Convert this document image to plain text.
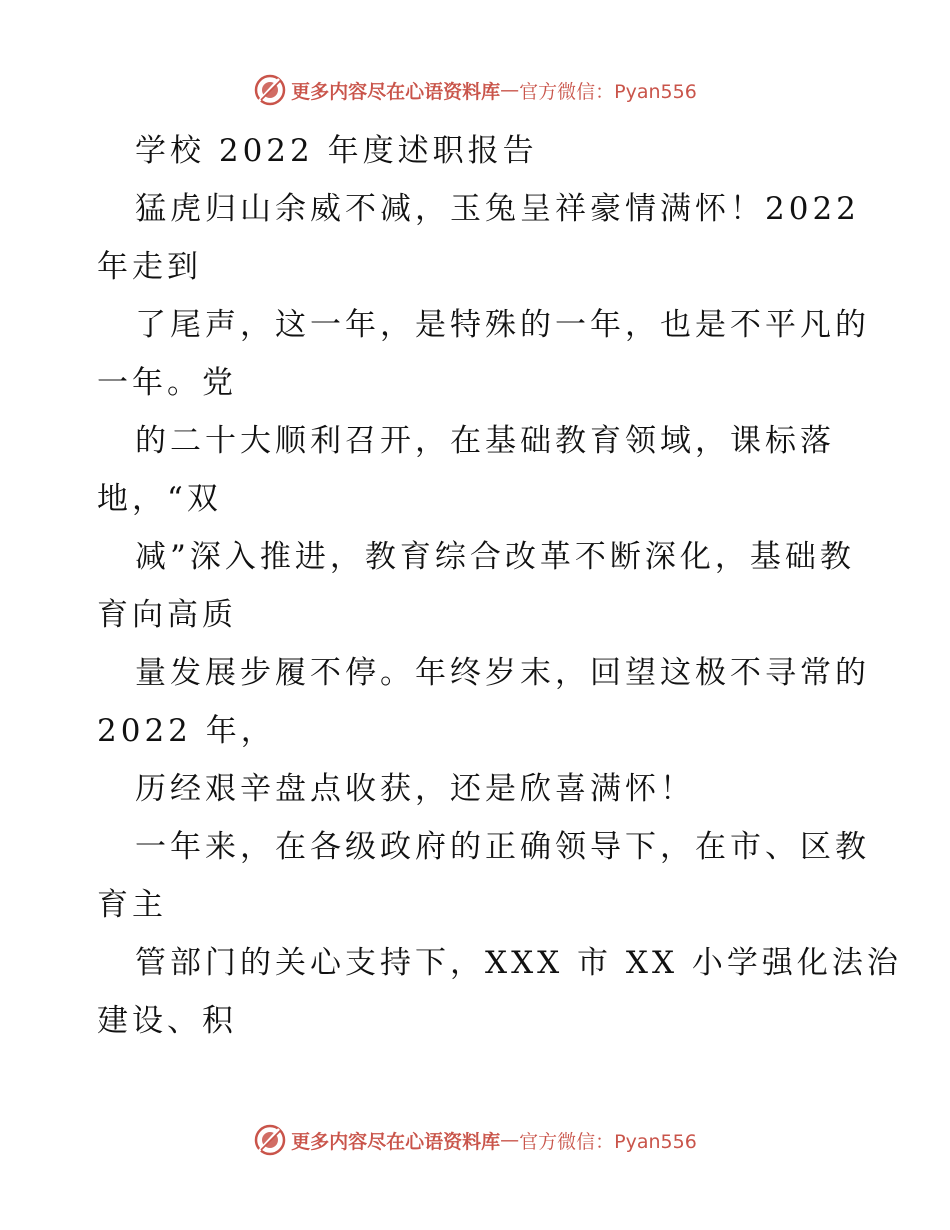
更多内容尽在心语资料库 — 官方微信：Pyan556
学校 2022 年度述职报告
猛虎归山余威不减，玉兔呈祥豪情满怀！2022
年走到
了尾声，这一年，是特殊的一年，也是不平凡的
一年。党
的二十大顺利召开，在基础教育领域，课标落
地，“双
减”深入推进，教育综合改革不断深化，基础教
育向高质
量发展步履不停。年终岁末，回望这极不寻常的
2022 年，
历经艰辛盘点收获，还是欣喜满怀！
一年来，在各级政府的正确领导下，在市、区教
育主
管部门的关心支持下，XXX 市 XX 小学强化法治
建设、积
更多内容尽在心语资料库 — 官方微信：Pyan556
